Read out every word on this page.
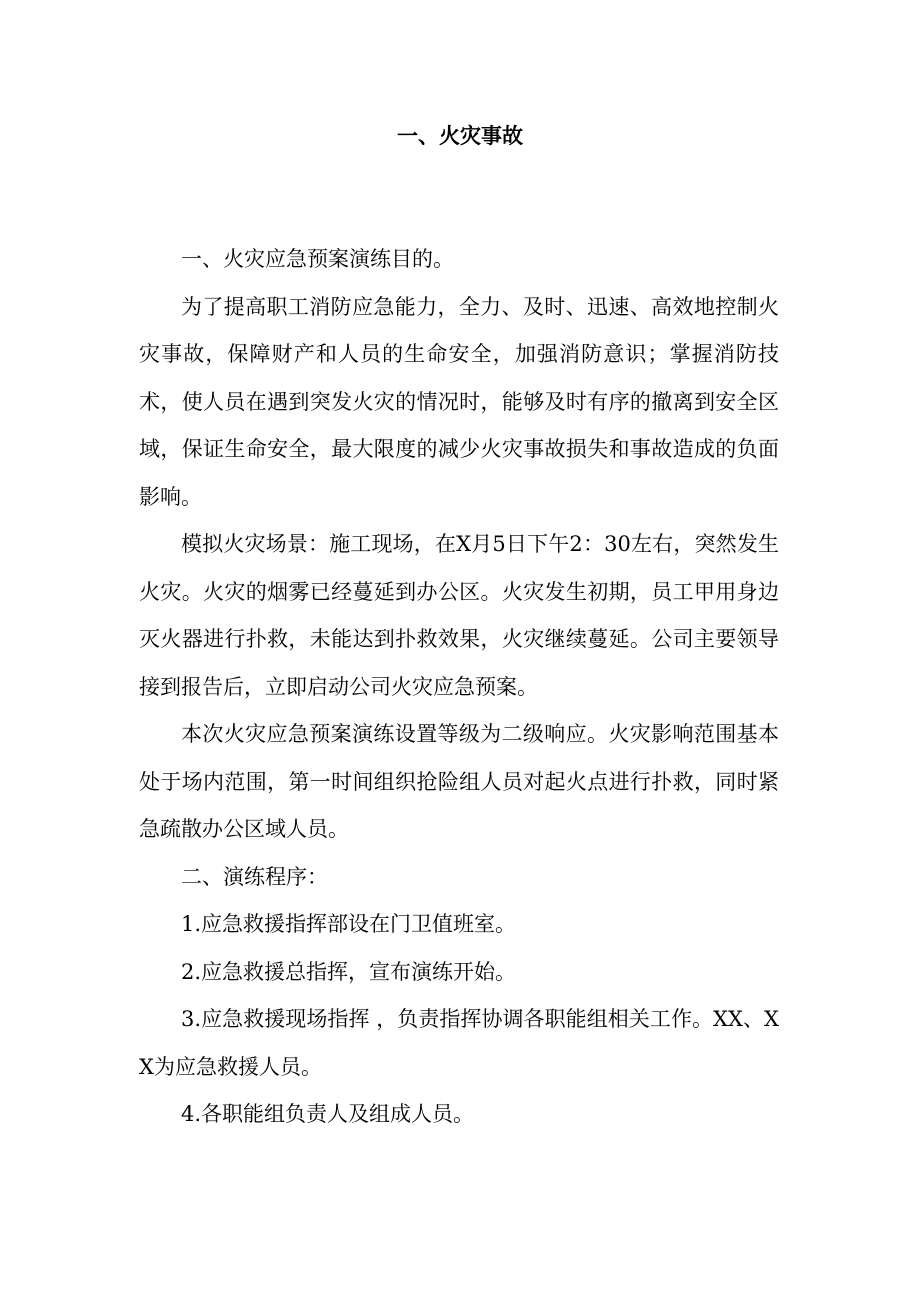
一、火灾事故

一、火灾应急预案演练目的。

为了提高职工消防应急能力，全力、及时、迅速、高效地控制火灾事故，保障财产和人员的生命安全，加强消防意识；掌握消防技术，使人员在遇到突发火灾的情况时，能够及时有序的撤离到安全区域，保证生命安全，最大限度的减少火灾事故损失和事故造成的负面影响。

模拟火灾场景：施工现场，在X月5日下午2：30左右，突然发生火灾。火灾的烟雾已经蔓延到办公区。火灾发生初期，员工甲用身边灭火器进行扑救，未能达到扑救效果，火灾继续蔓延。公司主要领导接到报告后，立即启动公司火灾应急预案。

本次火灾应急预案演练设置等级为二级响应。火灾影响范围基本处于场内范围，第一时间组织抢险组人员对起火点进行扑救，同时紧急疏散办公区域人员。

二、演练程序：

1.应急救援指挥部设在门卫值班室。

2.应急救援总指挥，宣布演练开始。

3.应急救援现场指挥 ，负责指挥协调各职能组相关工作。XX、XX为应急救援人员。

4.各职能组负责人及组成人员。
